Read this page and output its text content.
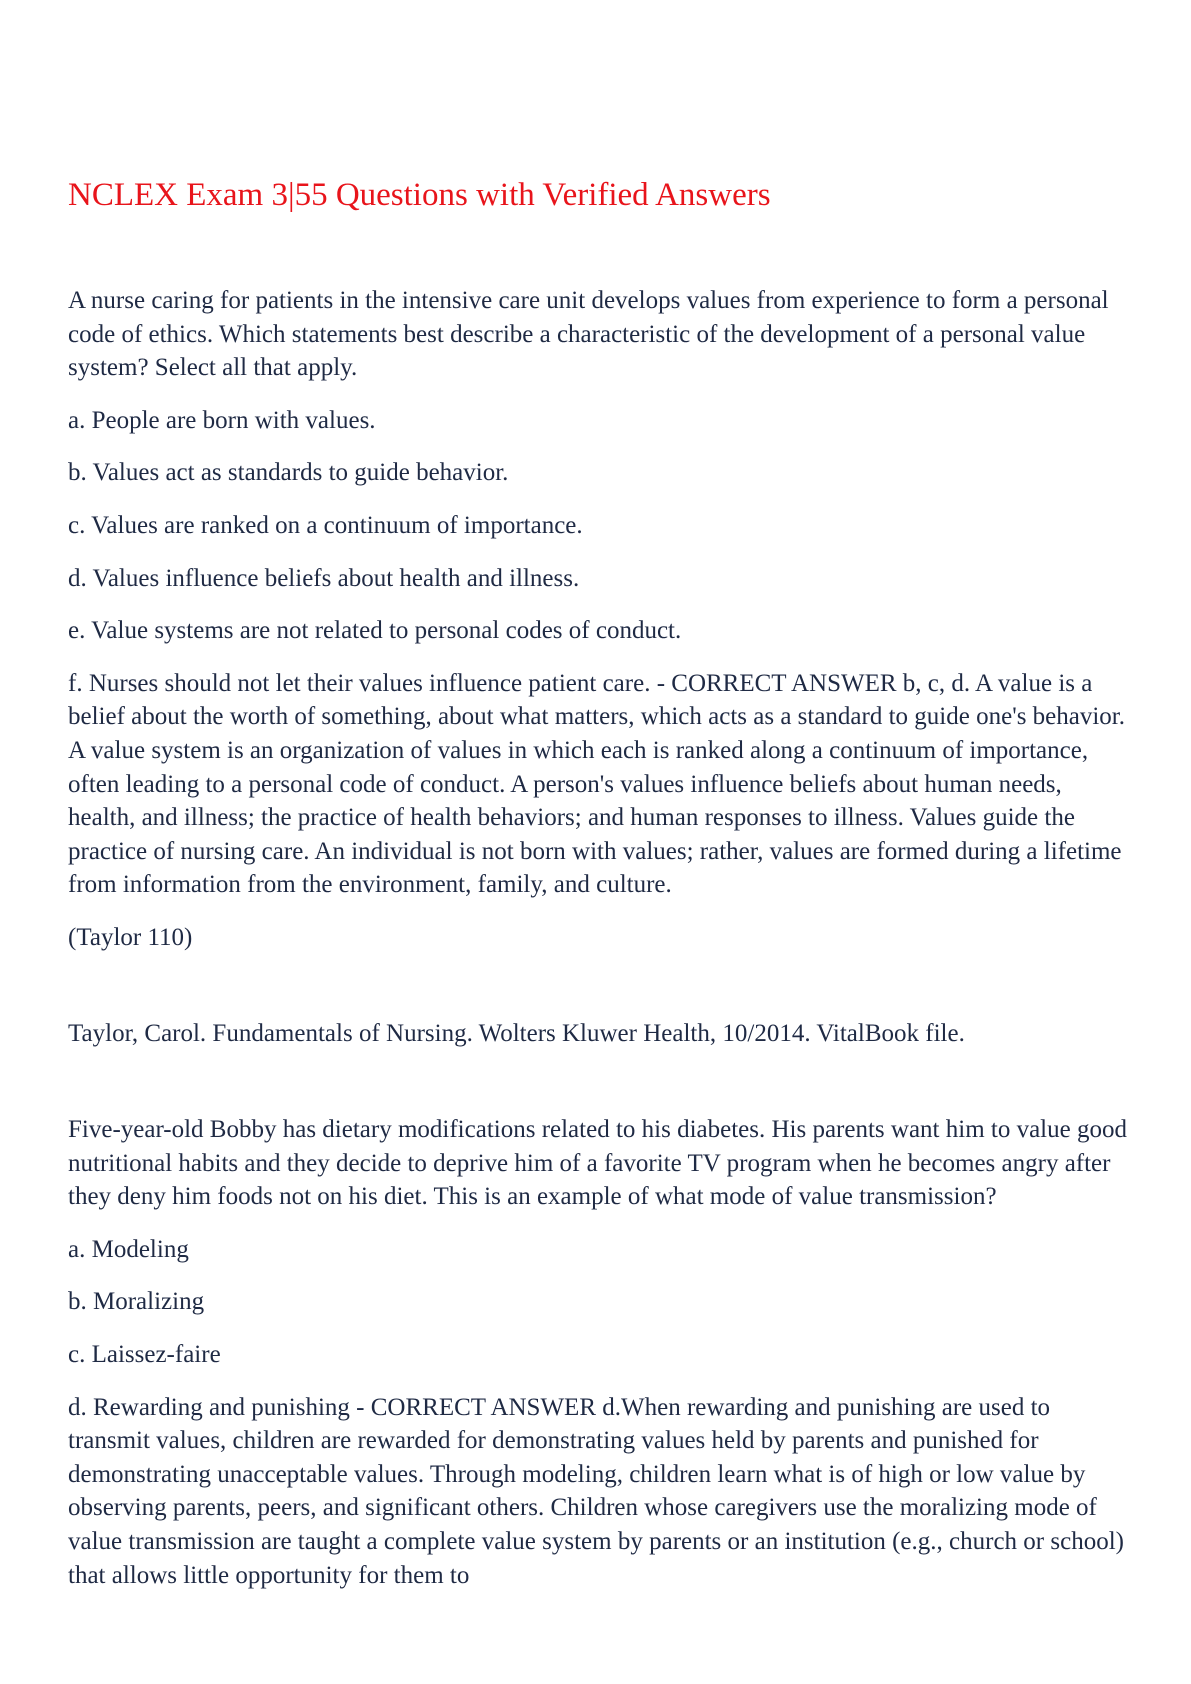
NCLEX Exam 3|55 Questions with Verified Answers

A nurse caring for patients in the intensive care unit develops values from experience to form a personal code of ethics. Which statements best describe a characteristic of the development of a personal value system? Select all that apply.

a. People are born with values.

b. Values act as standards to guide behavior.

c. Values are ranked on a continuum of importance.

d. Values influence beliefs about health and illness.

e. Value systems are not related to personal codes of conduct.

f. Nurses should not let their values influence patient care. - CORRECT ANSWER b, c, d. A value is a belief about the worth of something, about what matters, which acts as a standard to guide one's behavior. A value system is an organization of values in which each is ranked along a continuum of importance, often leading to a personal code of conduct. A person's values influence beliefs about human needs, health, and illness; the practice of health behaviors; and human responses to illness. Values guide the practice of nursing care. An individual is not born with values; rather, values are formed during a lifetime from information from the environment, family, and culture.

(Taylor 110)

Taylor, Carol. Fundamentals of Nursing. Wolters Kluwer Health, 10/2014. VitalBook file.

Five-year-old Bobby has dietary modifications related to his diabetes. His parents want him to value good nutritional habits and they decide to deprive him of a favorite TV program when he becomes angry after they deny him foods not on his diet. This is an example of what mode of value transmission?

a. Modeling

b. Moralizing

c. Laissez-faire

d. Rewarding and punishing - CORRECT ANSWER d.When rewarding and punishing are used to transmit values, children are rewarded for demonstrating values held by parents and punished for demonstrating unacceptable values. Through modeling, children learn what is of high or low value by observing parents, peers, and significant others. Children whose caregivers use the moralizing mode of value transmission are taught a complete value system by parents or an institution (e.g., church or school) that allows little opportunity for them to
